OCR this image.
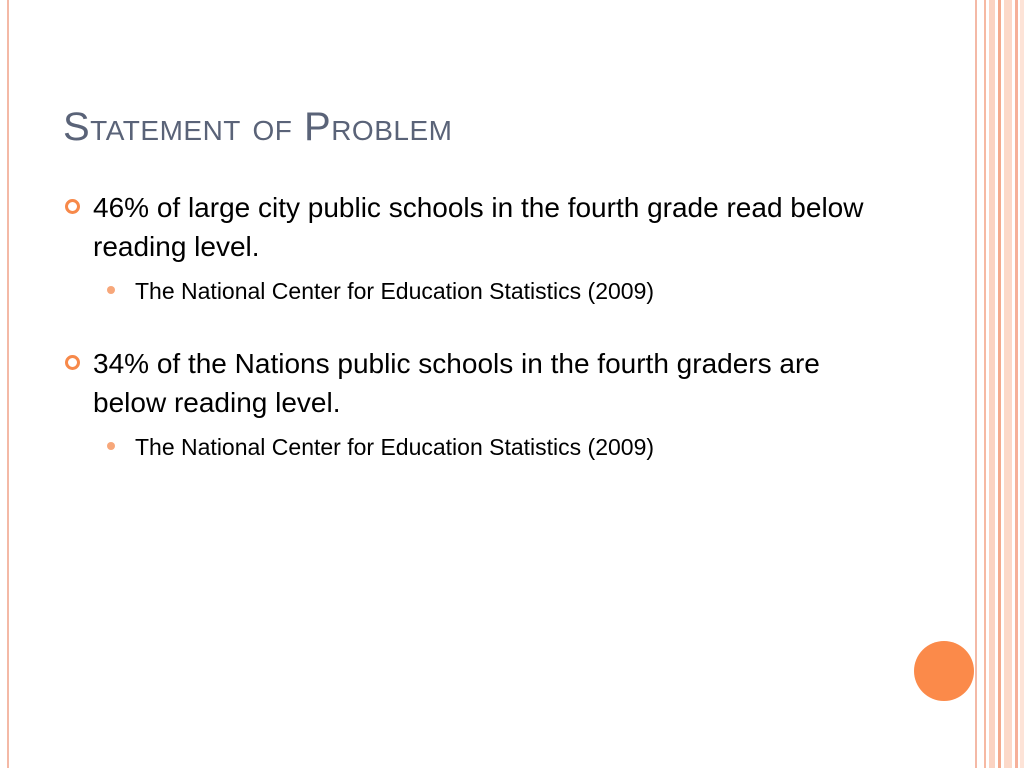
Statement of Problem
46% of large city public schools in the fourth grade read below reading level.
The National Center for Education Statistics (2009)
34% of the Nations public schools in the fourth graders are below reading level.
The National Center for Education Statistics (2009)
